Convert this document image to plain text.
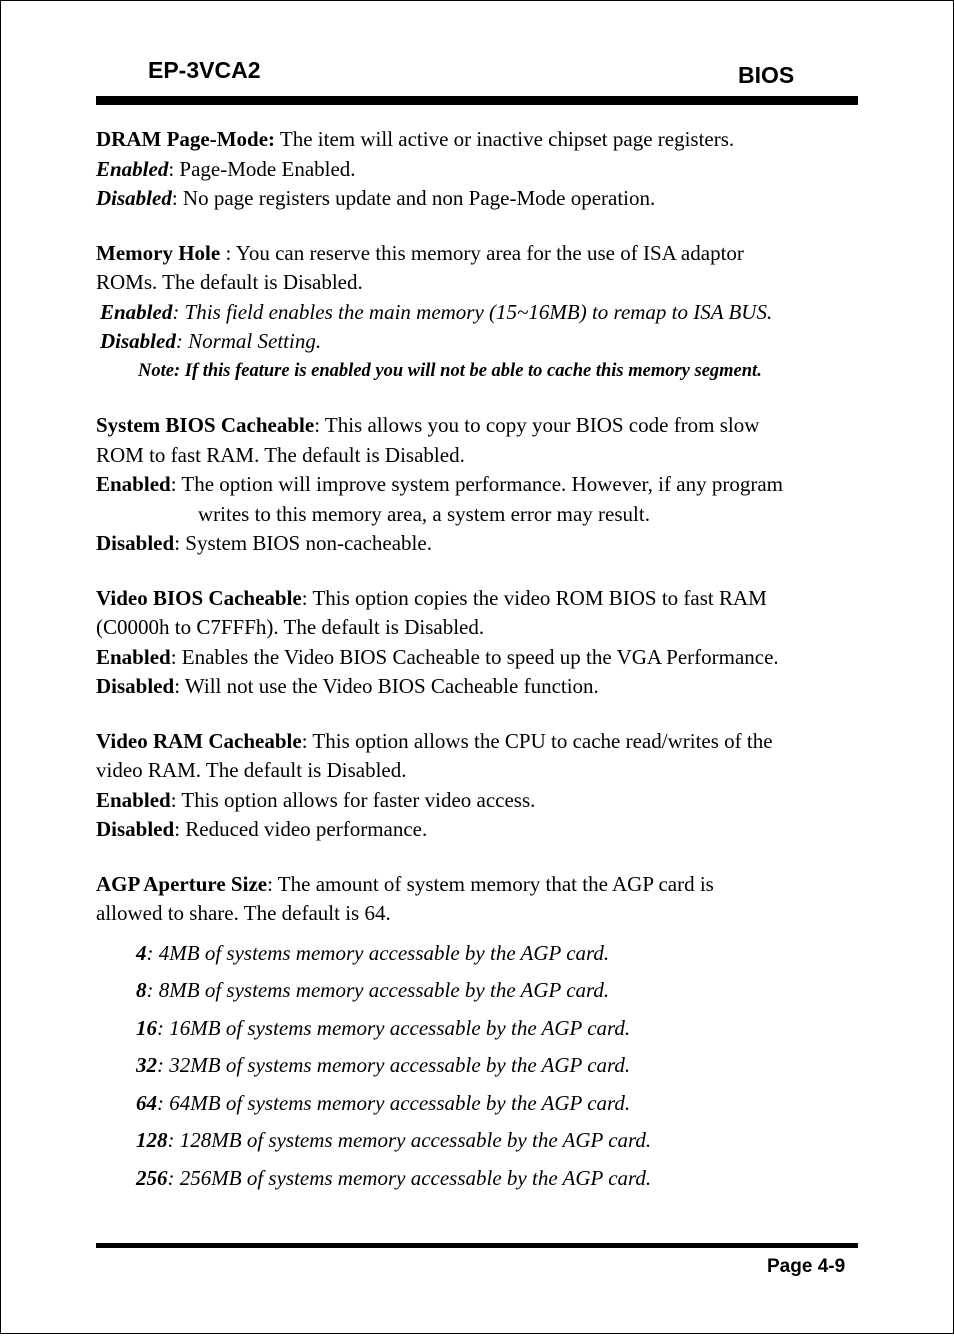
EP-3VCA2	BIOS

DRAM Page-Mode: The item will active or inactive chipset page registers.

Enabled: Page-Mode Enabled.

Disabled: No page registers update and non Page-Mode operation.

Memory Hole : You can reserve this memory area for the use of ISA adaptor

ROMs. The default is Disabled.

Enabled: This field enables the main memory (15~16MB) to remap to ISA BUS.

Disabled: Normal Setting.

Note: If this feature is enabled you will not be able to cache this memory segment.

System BIOS Cacheable: This allows you to copy your BIOS code from slow

ROM to fast RAM. The default is Disabled.

Enabled: The option will improve system performance. However, if any program

writes to this memory area, a system error may result.

Disabled: System BIOS non-cacheable.

Video BIOS Cacheable: This option copies the video ROM BIOS to fast RAM

(C0000h to C7FFFh). The default is Disabled.

Enabled: Enables the Video BIOS Cacheable to speed up the VGA Performance.

Disabled: Will not use the Video BIOS Cacheable function.

Video RAM Cacheable: This option allows the CPU to cache read/writes of the

video RAM. The default is Disabled.

Enabled: This option allows for faster video access.

Disabled: Reduced video performance.

AGP Aperture Size: The amount of system memory that the AGP card is

allowed to share. The default is 64.

4: 4MB of systems memory accessable by the AGP card.

8: 8MB of systems memory accessable by the AGP card.

16: 16MB of systems memory accessable by the AGP card.

32: 32MB of systems memory accessable by the AGP card.

64: 64MB of systems memory accessable by the AGP card.

128: 128MB of systems memory accessable by the AGP card.

256: 256MB of systems memory accessable by the AGP card.

Page 4-9
